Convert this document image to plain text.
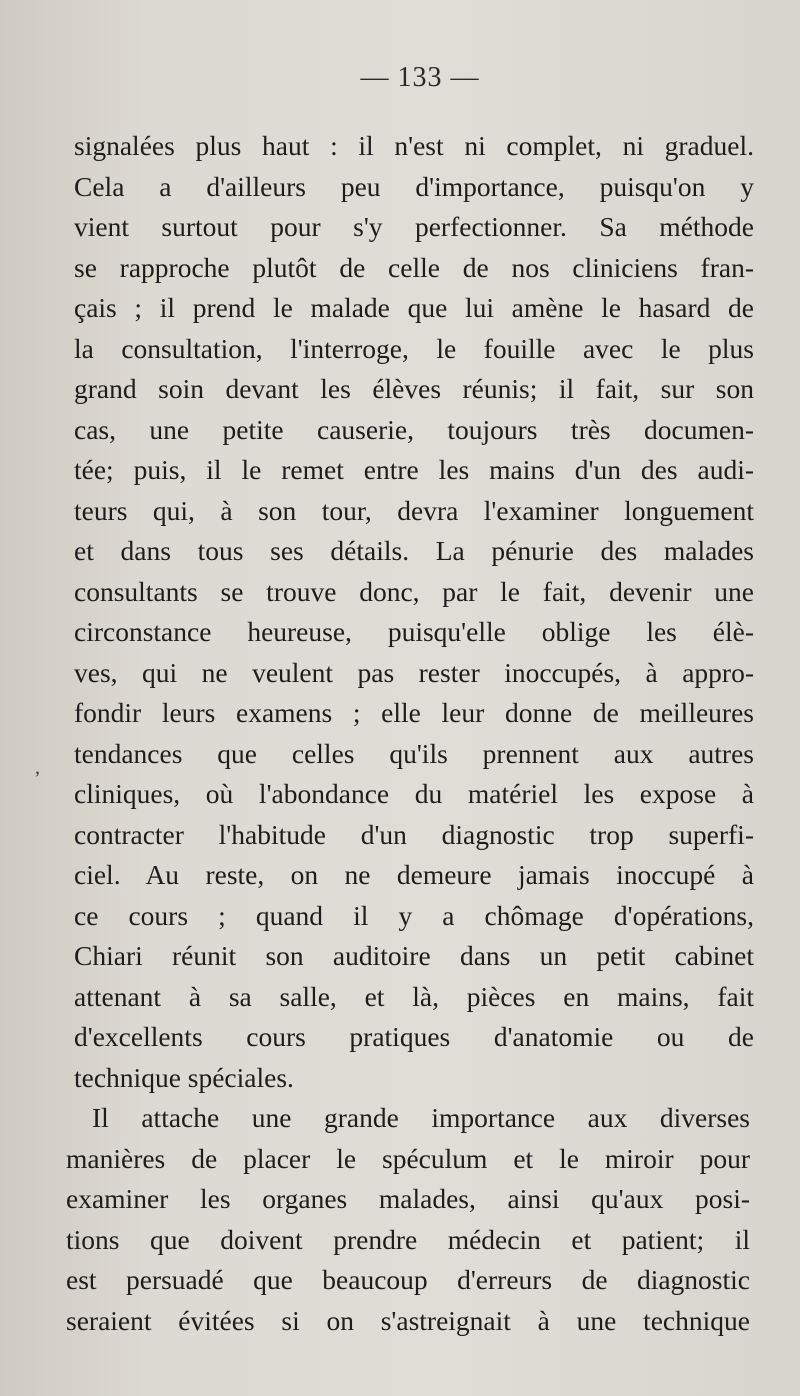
— 133 —
ʼ
signalées plus haut : il n'est ni complet, ni graduel.
Cela a d'ailleurs peu d'importance, puisqu'on y
vient surtout pour s'y perfectionner. Sa méthode
se rapproche plutôt de celle de nos cliniciens fran-
çais ; il prend le malade que lui amène le hasard de
la consultation, l'interroge, le fouille avec le plus
grand soin devant les élèves réunis; il fait, sur son
cas, une petite causerie, toujours très documen-
tée; puis, il le remet entre les mains d'un des audi-
teurs qui, à son tour, devra l'examiner longuement
et dans tous ses détails. La pénurie des malades
consultants se trouve donc, par le fait, devenir une
circonstance heureuse, puisqu'elle oblige les élè-
ves, qui ne veulent pas rester inoccupés, à appro-
fondir leurs examens ; elle leur donne de meilleures
tendances que celles qu'ils prennent aux autres
cliniques, où l'abondance du matériel les expose à
contracter l'habitude d'un diagnostic trop superfi-
ciel. Au reste, on ne demeure jamais inoccupé à
ce cours ; quand il y a chômage d'opérations,
Chiari réunit son auditoire dans un petit cabinet
attenant à sa salle, et là, pièces en mains, fait
d'excellents cours pratiques d'anatomie ou de
technique spéciales.
Il attache une grande importance aux diverses
manières de placer le spéculum et le miroir pour
examiner les organes malades, ainsi qu'aux posi-
tions que doivent prendre médecin et patient; il
est persuadé que beaucoup d'erreurs de diagnostic
seraient évitées si on s'astreignait à une technique
